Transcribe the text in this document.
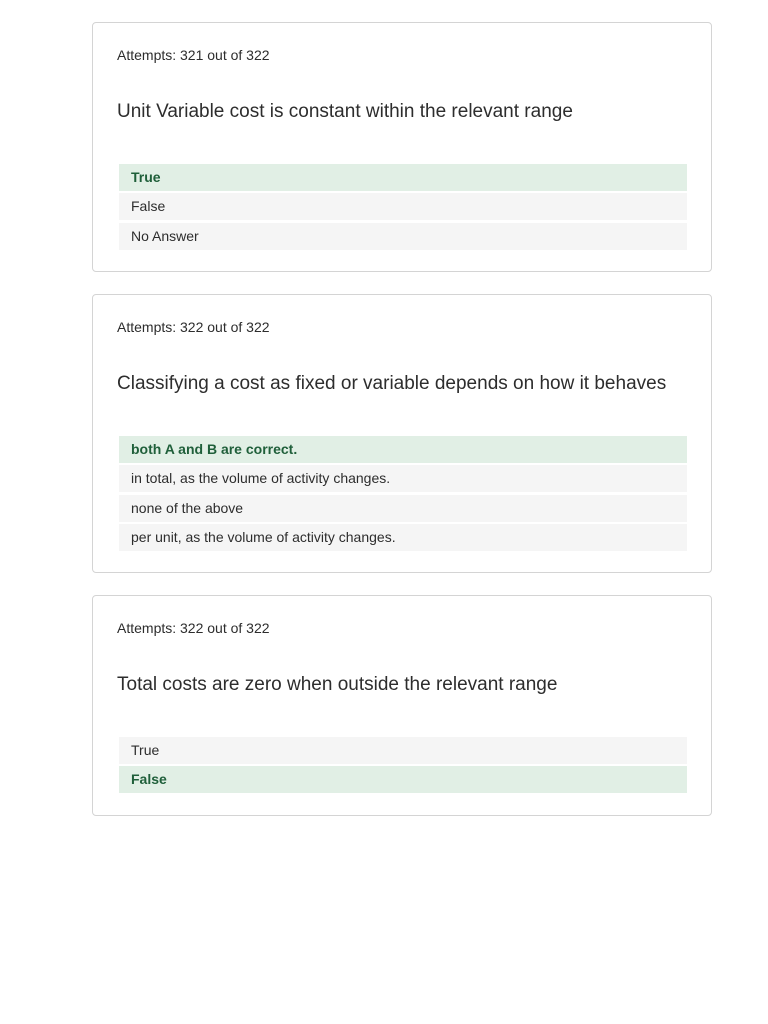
Attempts: 321 out of 322
Unit Variable cost is constant within the relevant range
True
False
No Answer
Attempts: 322 out of 322
Classifying a cost as fixed or variable depends on how it behaves
both A and B are correct.
in total, as the volume of activity changes.
none of the above
per unit, as the volume of activity changes.
Attempts: 322 out of 322
Total costs are zero when outside the relevant range
True
False
